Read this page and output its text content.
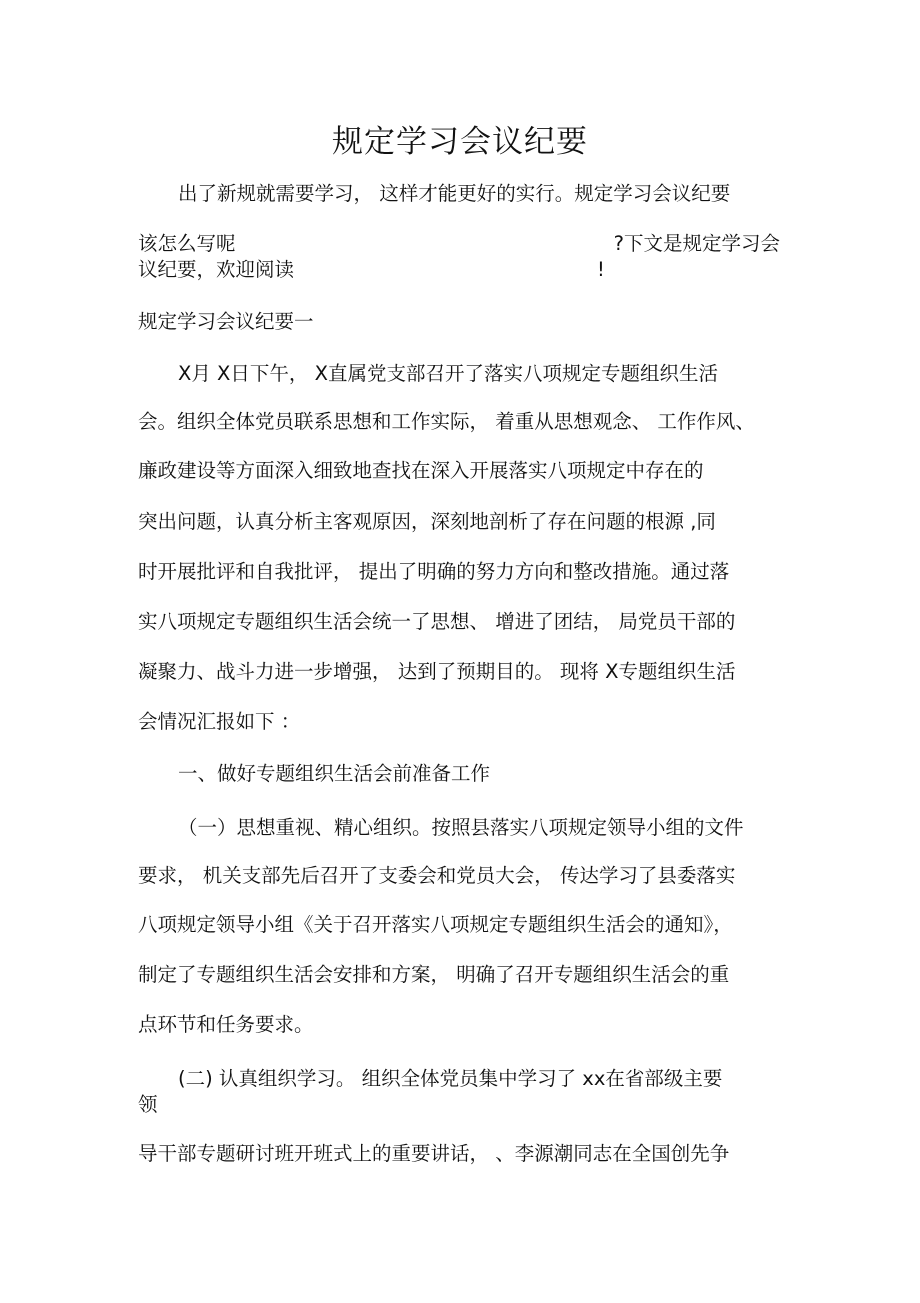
规定学习会议纪要
出了新规就需要学习， 这样才能更好的实行。规定学习会议纪要
该怎么写呢	?下文是规定学习会
议纪要，欢迎阅读	!
规定学习会议纪要一
X月 X日下午， X直属党支部召开了落实八项规定专题组织生活
会。组织全体党员联系思想和工作实际， 着重从思想观念、 工作作风、
廉政建设等方面深入细致地查找在深入开展落实八项规定中存在的
突出问题，认真分析主客观原因，深刻地剖析了存在问题的根源 ,同
时开展批评和自我批评， 提出了明确的努力方向和整改措施。通过落
实八项规定专题组织生活会统一了思想、 增进了团结， 局党员干部的
凝聚力、战斗力进一步增强， 达到了预期目的。 现将 X专题组织生活
会情况汇报如下 ：
一、做好专题组织生活会前准备工作
（一）思想重视、精心组织。按照县落实八项规定领导小组的文件
要求， 机关支部先后召开了支委会和党员大会， 传达学习了县委落实
八项规定领导小组《关于召开落实八项规定专题组织生活会的通知》，
制定了专题组织生活会安排和方案， 明确了召开专题组织生活会的重
点环节和任务要求。
(二) 认真组织学习。 组织全体党员集中学习了 xx在省部级主要
领
导干部专题研讨班开班式上的重要讲话， 、李源潮同志在全国创先争
